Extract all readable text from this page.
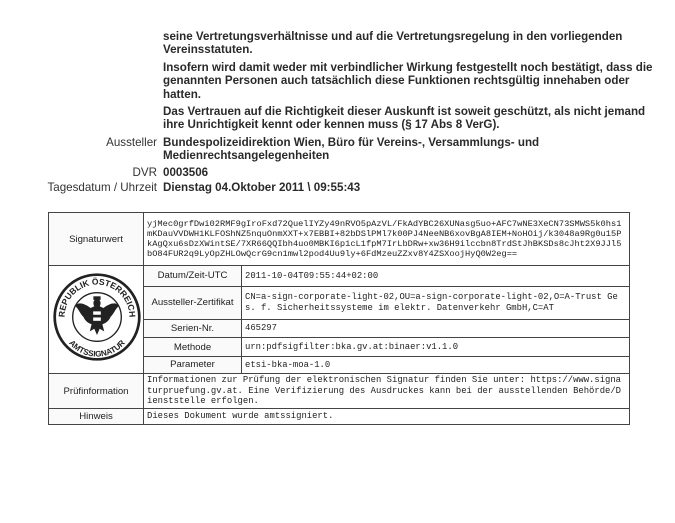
seine Vertretungsverhältnisse und auf die Vertretungsregelung in den vorliegenden Vereinsstatuten.
Insofern wird damit weder mit verbindlicher Wirkung festgestellt noch bestätigt, dass die genannten Personen auch tatsächlich diese Funktionen rechtsgültig innehaben oder hatten.
Das Vertrauen auf die Richtigkeit dieser Auskunft ist soweit geschützt, als nicht jemand ihre Unrichtigkeit kennt oder kennen muss (§ 17 Abs 8 VerG).
Aussteller Bundespolizeidirektion Wien, Büro für Vereins-, Versammlungs- und Medienrechtsangelegenheiten
DVR 0003506
Tagesdatum / Uhrzeit Dienstag 04.Oktober 2011 \ 09:55:43
Signaturwert	yjMec0grfDwi02RMF9gIroFxd72QuelIYZy49nRVO5pAzVL/FkAdYBC26XUNasg5uo+AFC7wNE3XeCN73SMWS5k0hs1mKDauVVDWH1KLFOShNZ5nquOnmXXT+x7EBBI+82bDSlPMl7k00PJ4NeeNB6xovBgA8IEM+NoHOij/k3048a9Rg0u15PkAgQxu6sDzXWintSE/7XR66QQIbh4uo0MBKI6p1cL1fpM7IrLbDRw+xw36H9ilccbn8TrdStJhBKSDs8cJht2X9JJl5bO84FUR2q9LyOpZHLOwQcrG9cn1mwl2pod4Uu9ly+6FdMzeuZZxv8Y4ZSXoojHyQ0W2eg==	

REPUBLIK ÖSTERREICH
AMTSSIGNATUR	Datum/Zeit-UTC	2011-10-04T09:55:44+02:00
	Aussteller-Zertifikat	CN=a-sign-corporate-light-02,OU=a-sign-corporate-light-02,O=A-Trust Ges. f. Sicherheitssysteme im elektr. Datenverkehr GmbH,C=AT
	Serien-Nr.	465297
	Methode	urn:pdfsigfilter:bka.gv.at:binaer:v1.1.0
	Parameter	etsi-bka-moa-1.0
Prüfinformation	Informationen zur Prüfung der elektronischen Signatur finden Sie unter: https://www.signaturpruefung.gv.at. Eine Verifizierung des Ausdruckes kann bei der ausstellenden Behörde/Dienststelle erfolgen.	
Hinweis	Dieses Dokument wurde amtssigniert.	
